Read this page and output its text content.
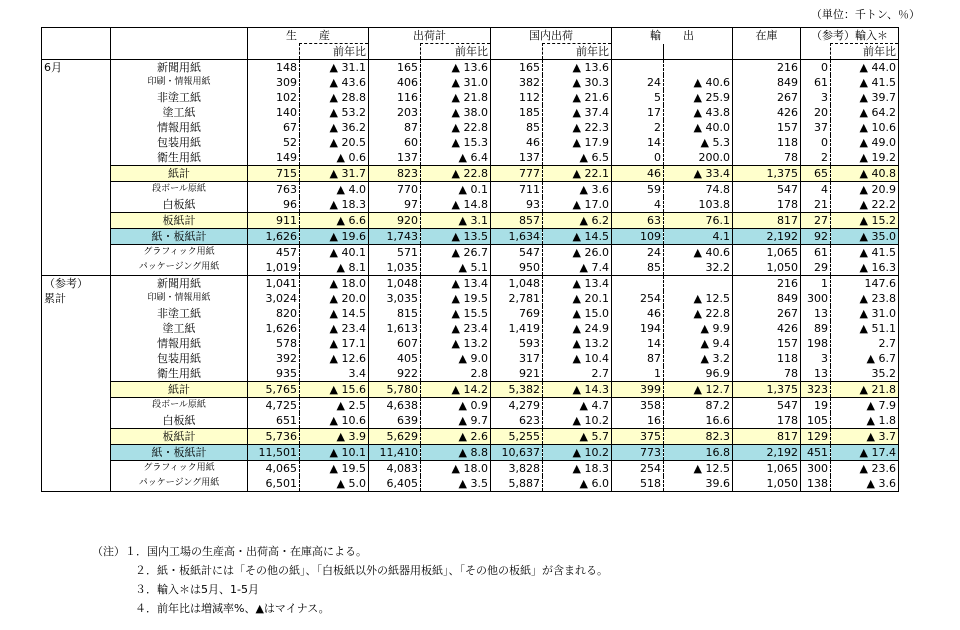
（単位：千トン、％）
		生　　産		出荷計		国内出荷		輸　　出		在庫	（参考）輸入＊	
			前年比		前年比		前年比					前年比
6月	新聞用紙	148	▲ 31.1	165	▲ 13.6	165	▲ 13.6			216	0	▲ 44.0
	印刷・情報用紙	309	▲ 43.6	406	▲ 31.0	382	▲ 30.3	24	▲ 40.6	849	61	▲ 41.5
	非塗工紙	102	▲ 28.8	116	▲ 21.8	112	▲ 21.6	5	▲ 25.9	267	3	▲ 39.7
	塗工紙	140	▲ 53.2	203	▲ 38.0	185	▲ 37.4	17	▲ 43.8	426	20	▲ 64.2
	情報用紙	67	▲ 36.2	87	▲ 22.8	85	▲ 22.3	2	▲ 40.0	157	37	▲ 10.6
	包装用紙	52	▲ 20.5	60	▲ 15.3	46	▲ 17.9	14	▲ 5.3	118	0	▲ 49.0
	衛生用紙	149	▲ 0.6	137	▲ 6.4	137	▲ 6.5	0	200.0	78	2	▲ 19.2
	紙計	715	▲ 31.7	823	▲ 22.8	777	▲ 22.1	46	▲ 33.4	1,375	65	▲ 40.8
	段ボール原紙	763	▲ 4.0	770	▲ 0.1	711	▲ 3.6	59	74.8	547	4	▲ 20.9
	白板紙	96	▲ 18.3	97	▲ 14.8	93	▲ 17.0	4	103.8	178	21	▲ 22.2
	板紙計	911	▲ 6.6	920	▲ 3.1	857	▲ 6.2	63	76.1	817	27	▲ 15.2
	紙・板紙計	1,626	▲ 19.6	1,743	▲ 13.5	1,634	▲ 14.5	109	4.1	2,192	92	▲ 35.0
	グラフィック用紙	457	▲ 40.1	571	▲ 26.7	547	▲ 26.0	24	▲ 40.6	1,065	61	▲ 41.5
	パッケージング用紙	1,019	▲ 8.1	1,035	▲ 5.1	950	▲ 7.4	85	32.2	1,050	29	▲ 16.3
（参考）	新聞用紙	1,041	▲ 18.0	1,048	▲ 13.4	1,048	▲ 13.4			216	1	147.6
累計	印刷・情報用紙	3,024	▲ 20.0	3,035	▲ 19.5	2,781	▲ 20.1	254	▲ 12.5	849	300	▲ 23.8
	非塗工紙	820	▲ 14.5	815	▲ 15.5	769	▲ 15.0	46	▲ 22.8	267	13	▲ 31.0
	塗工紙	1,626	▲ 23.4	1,613	▲ 23.4	1,419	▲ 24.9	194	▲ 9.9	426	89	▲ 51.1
	情報用紙	578	▲ 17.1	607	▲ 13.2	593	▲ 13.2	14	▲ 9.4	157	198	2.7
	包装用紙	392	▲ 12.6	405	▲ 9.0	317	▲ 10.4	87	▲ 3.2	118	3	▲ 6.7
	衛生用紙	935	3.4	922	2.8	921	2.7	1	96.9	78	13	35.2
	紙計	5,765	▲ 15.6	5,780	▲ 14.2	5,382	▲ 14.3	399	▲ 12.7	1,375	323	▲ 21.8
	段ボール原紙	4,725	▲ 2.5	4,638	▲ 0.9	4,279	▲ 4.7	358	87.2	547	19	▲ 7.9
	白板紙	651	▲ 10.6	639	▲ 9.7	623	▲ 10.2	16	16.6	178	105	▲ 1.8
	板紙計	5,736	▲ 3.9	5,629	▲ 2.6	5,255	▲ 5.7	375	82.3	817	129	▲ 3.7
	紙・板紙計	11,501	▲ 10.1	11,410	▲ 8.8	10,637	▲ 10.2	773	16.8	2,192	451	▲ 17.4
	グラフィック用紙	4,065	▲ 19.5	4,083	▲ 18.0	3,828	▲ 18.3	254	▲ 12.5	1,065	300	▲ 23.6
	パッケージング用紙	6,501	▲ 5.0	6,405	▲ 3.5	5,887	▲ 6.0	518	39.6	1,050	138	▲ 3.6
（注）１．国内工場の生産高・出荷高・在庫高による。
２．紙・板紙計には「その他の紙」、「白板紙以外の紙器用板紙」、「その他の板紙」が含まれる。
３．輸入＊は5月、1-5月
４．前年比は増減率%、▲はマイナス。
